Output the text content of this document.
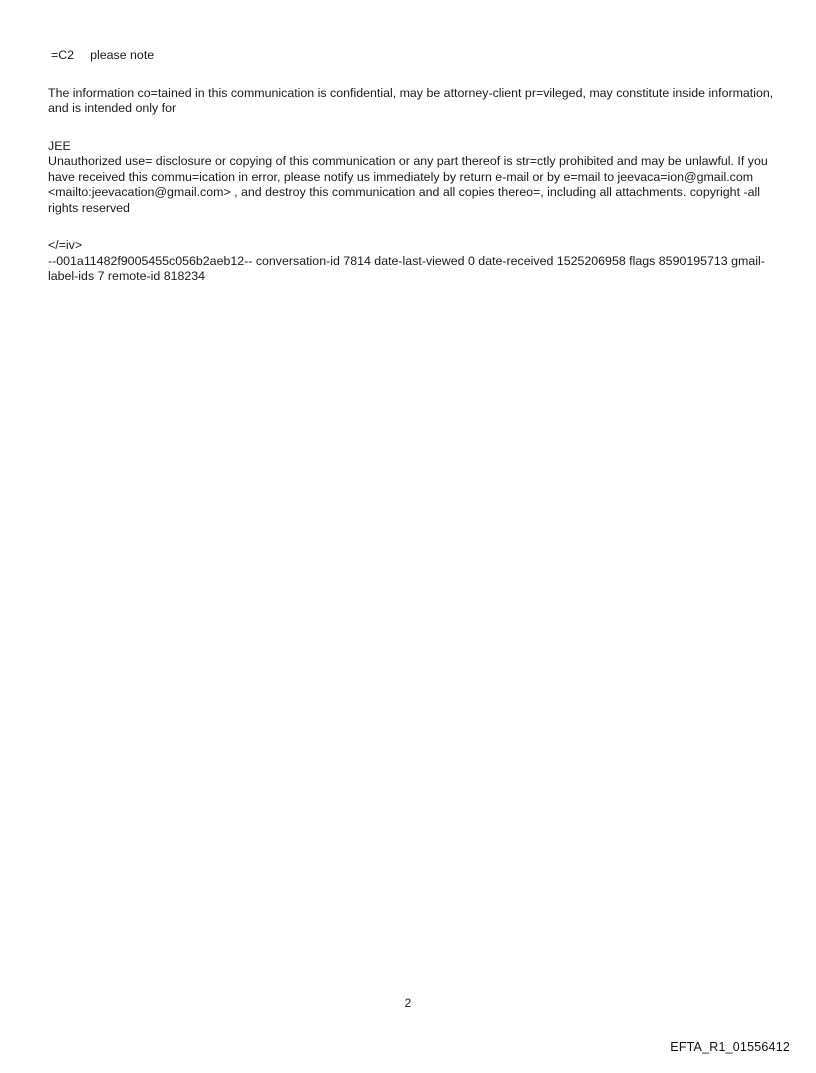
=C2 please note
The information co=tained in this communication is confidential, may be attorney-client pr=vileged, may constitute inside information, and is intended only for
JEE
Unauthorized use= disclosure or copying of this communication or any part thereof is str=ctly prohibited and may be unlawful. If you have received this commu=ication in error, please notify us immediately by return e-mail or by e=mail to jeevaca=ion@gmail.com <mailto:jeevacation@gmail.com> , and destroy this communication and all copies thereo=, including all attachments. copyright -all rights reserved
</=iv>
--001a11482f9005455c056b2aeb12-- conversation-id 7814 date-last-viewed 0 date-received 1525206958 flags 8590195713 gmail-label-ids 7 remote-id 818234
2
EFTA_R1_01556412
